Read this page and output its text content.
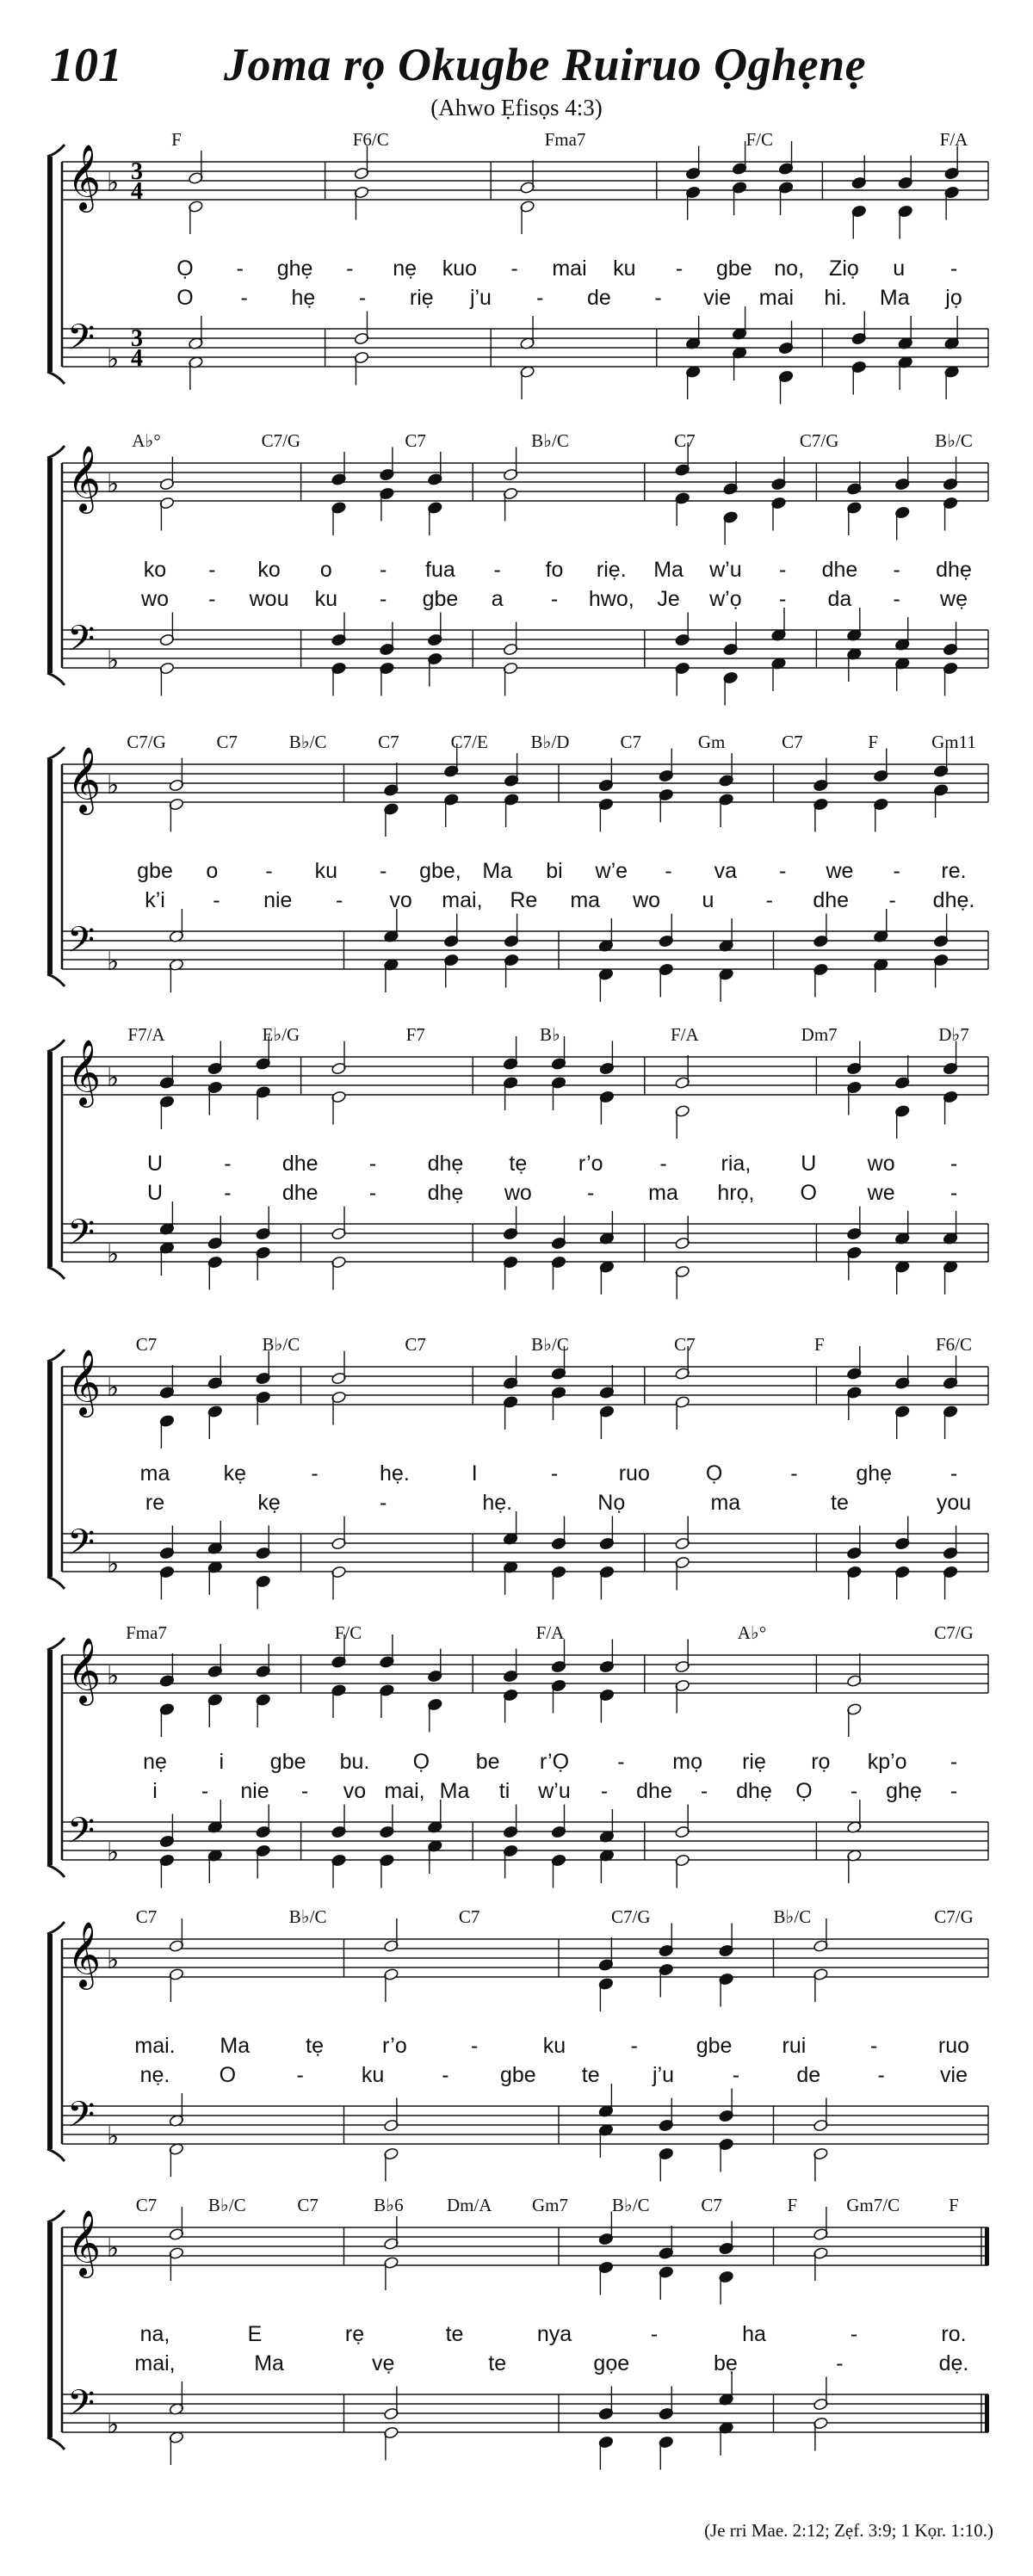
101 Joma rọ Okugbe Ruiruo Ọghẹnẹ
(Ahwo Ẹfisọs 4:3)
𝄞
𝄢
♭
♭
3
4
3
4
F	F6/C	Fma7	F/C	F/A
Ọ - ghẹ - nẹ kuo - mai ku - gbe no, Ziọ u -
O - hẹ - riẹ j’u - de - vie mai hi. Ma jọ
𝄞
𝄢
♭
♭
A♭°	C7/G	C7	B♭/C	C7	C7/G	B♭/C
ko - ko o - fua - fo riẹ. Ma w’u - dhe - dhẹ
wo - wou ku - gbe a - hwo, Je w’ọ - da - wẹ
𝄞
𝄢
♭
♭
C7/G	C7	B♭/C	C7	C7/E B♭/D	C7	Gm	C7	F	Gm11
gbe o - ku - gbe, Ma bi w’e - va - we - re.
k’i - nie - vo mai, Re ma wo u - dhe - dhẹ.
𝄞
𝄢
♭
♭
F7/A	E♭/G	F7	B♭	F/A	Dm7	D♭7
U	- dhe - dhẹ tẹ r’o	-	ria, U wo	-
U	- dhe - dhẹ wo	-	ma hrọ, O we	-
𝄞
𝄢
♭
♭
C7	B♭/C	C7	B♭/C	C7	F	F6/C
ma kẹ	-	hẹ.	I	-	ruo	Ọ	-	ghẹ	-
re	kẹ	-	hẹ.	Nọ	ma	te	you
𝄞
𝄢
♭
♭
Fma7	F/C	F/A	A♭°	C7/G
nẹ i gbe bu. Ọ be r’Ọ - mọ riẹ rọ kp’o -
i - nie - vo mai, Ma ti w’u - dhe - dhẹ Ọ - ghẹ -
𝄞
𝄢
♭
♭
C7	B♭/C	C7	C7/G	B♭/C	C7/G
mai. Ma	tẹ	r’o	-	ku	-	gbe rui	-	ruo
nẹ. O	-	ku	- gbe te j’u	-	de	-	vie
𝄞
𝄢
♭
♭
C7	B♭/C	C7	B♭6 Dm/A Gm7 B♭/C	C7	F	Gm7/C	F
na,	E	rẹ	te	nya	-	ha	-	ro.
mai,	Ma	vẹ	te	gọe	bẹ	-	dẹ.
(Je rri Mae. 2:12; Zẹf. 3:9; 1 Kọr. 1:10.)
